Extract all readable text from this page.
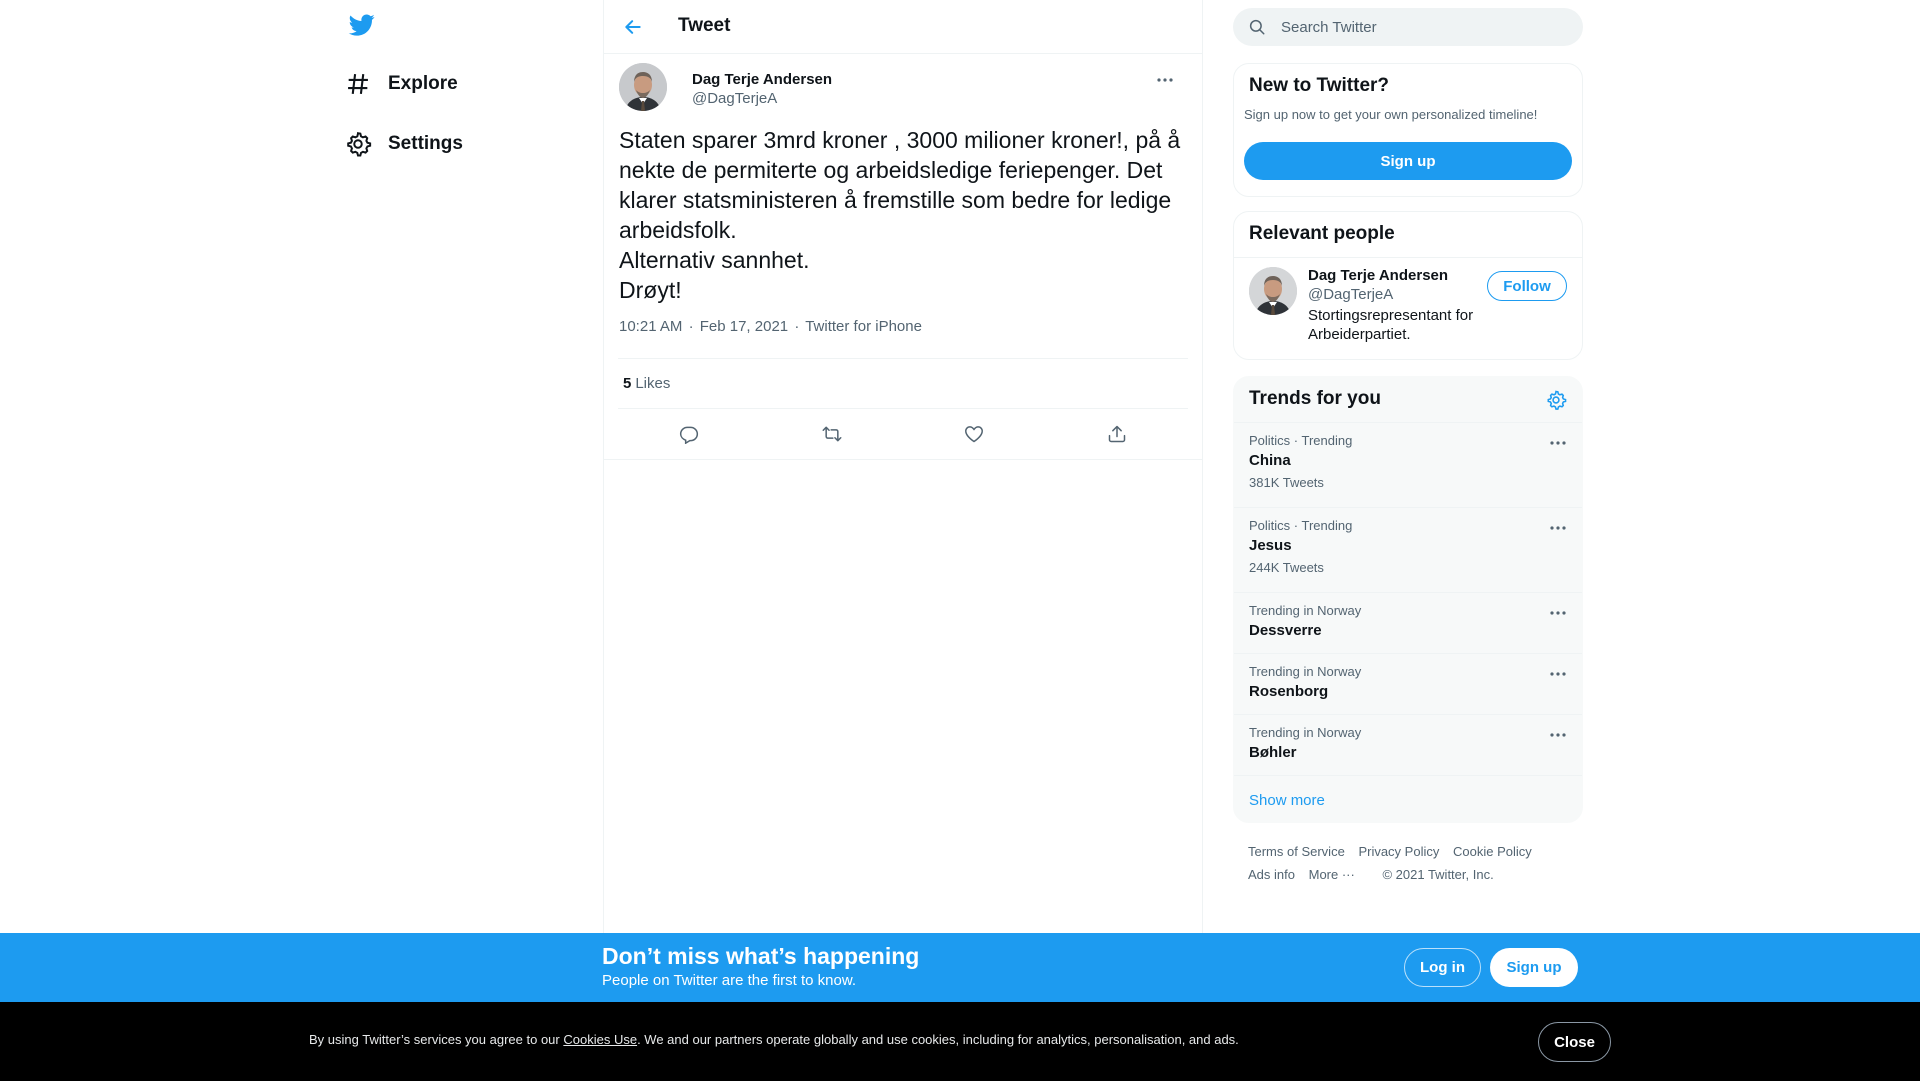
Explore
Settings
Tweet
Dag Terje Andersen
@DagTerjeA
Staten sparer 3mrd kroner , 3000 milioner kroner!, på å nekte de permiterte og arbeidsledige feriepenger. Det klarer statsministeren å fremstille som bedre for ledige arbeidsfolk.
Alternativ sannhet.
Drøyt!
10:21 AM · Feb 17, 2021 · Twitter for iPhone
5 Likes
Search Twitter
New to Twitter?
Sign up now to get your own personalized timeline!
Sign up
Relevant people
Dag Terje Andersen
@DagTerjeA
Stortingsrepresentant for Arbeiderpartiet.
Follow
Trends for you
Politics · Trending
China
381K Tweets
Politics · Trending
Jesus
244K Tweets
Trending in Norway
Dessverre
Trending in Norway
Rosenborg
Trending in Norway
Bøhler
Show more
Terms of Service Privacy Policy Cookie Policy
Ads info More ··· © 2021 Twitter, Inc.
Don’t miss what’s happening
People on Twitter are the first to know.
Log in	Sign up
By using Twitter’s services you agree to our Cookies Use. We and our partners operate globally and use cookies, including for analytics, personalisation, and ads.	Close
